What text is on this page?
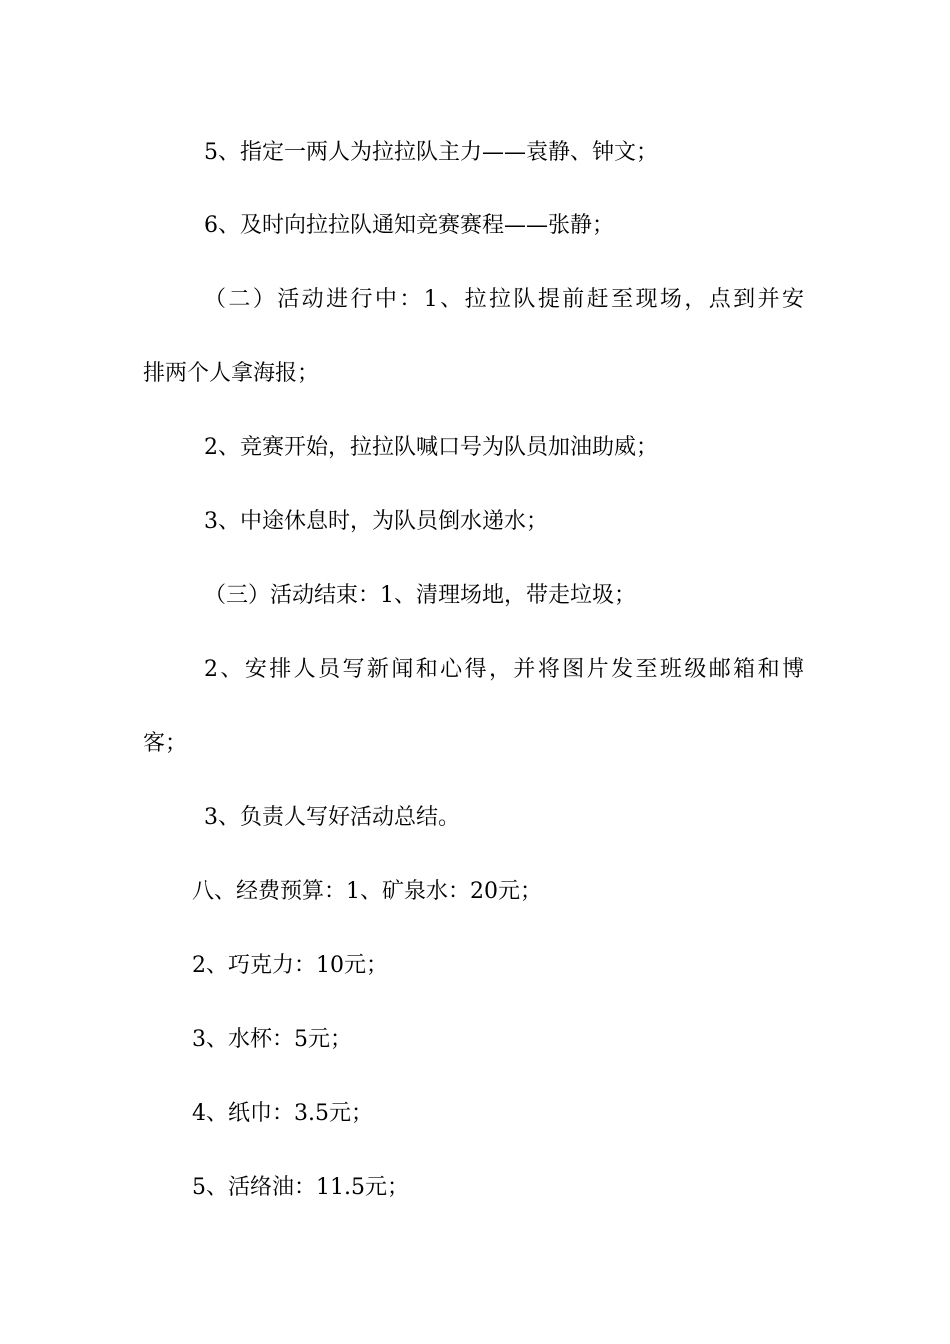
5、指定一两人为拉拉队主力——袁静、钟文；
6、及时向拉拉队通知竞赛赛程——张静；
（二）活动进行中：1、拉拉队提前赶至现场，点到并安
排两个人拿海报；
2、竞赛开始，拉拉队喊口号为队员加油助威；
3、中途休息时，为队员倒水递水；
（三）活动结束：1、清理场地，带走垃圾；
2、安排人员写新闻和心得，并将图片发至班级邮箱和博
客；
3、负责人写好活动总结。
八、经费预算：1、矿泉水：20元；
2、巧克力：10元；
3、水杯：5元；
4、纸巾：3.5元；
5、活络油：11.5元；
